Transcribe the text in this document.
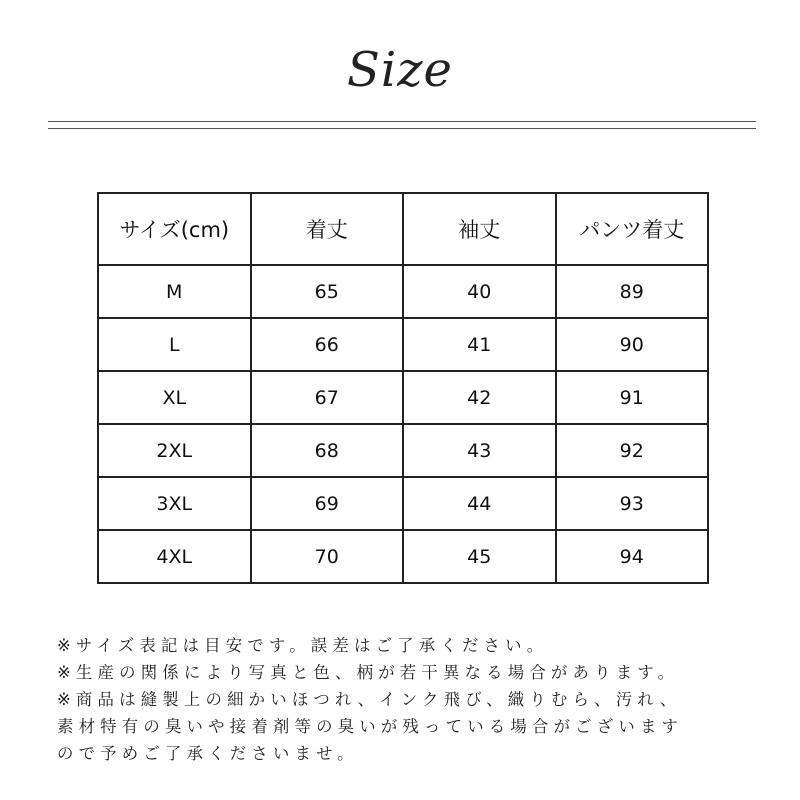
Size
サイズ(cm)	着丈	袖丈	パンツ着丈
M	65	40	89
L	66	41	90
XL	67	42	91
2XL	68	43	92
3XL	69	44	93
4XL	70	45	94
※サイズ表記は目安です。誤差はご了承ください。
※生産の関係により写真と色、柄が若干異なる場合があります。
※商品は縫製上の細かいほつれ、インク飛び、織りむら、汚れ、
素材特有の臭いや接着剤等の臭いが残っている場合がございます
ので予めご了承くださいませ。
